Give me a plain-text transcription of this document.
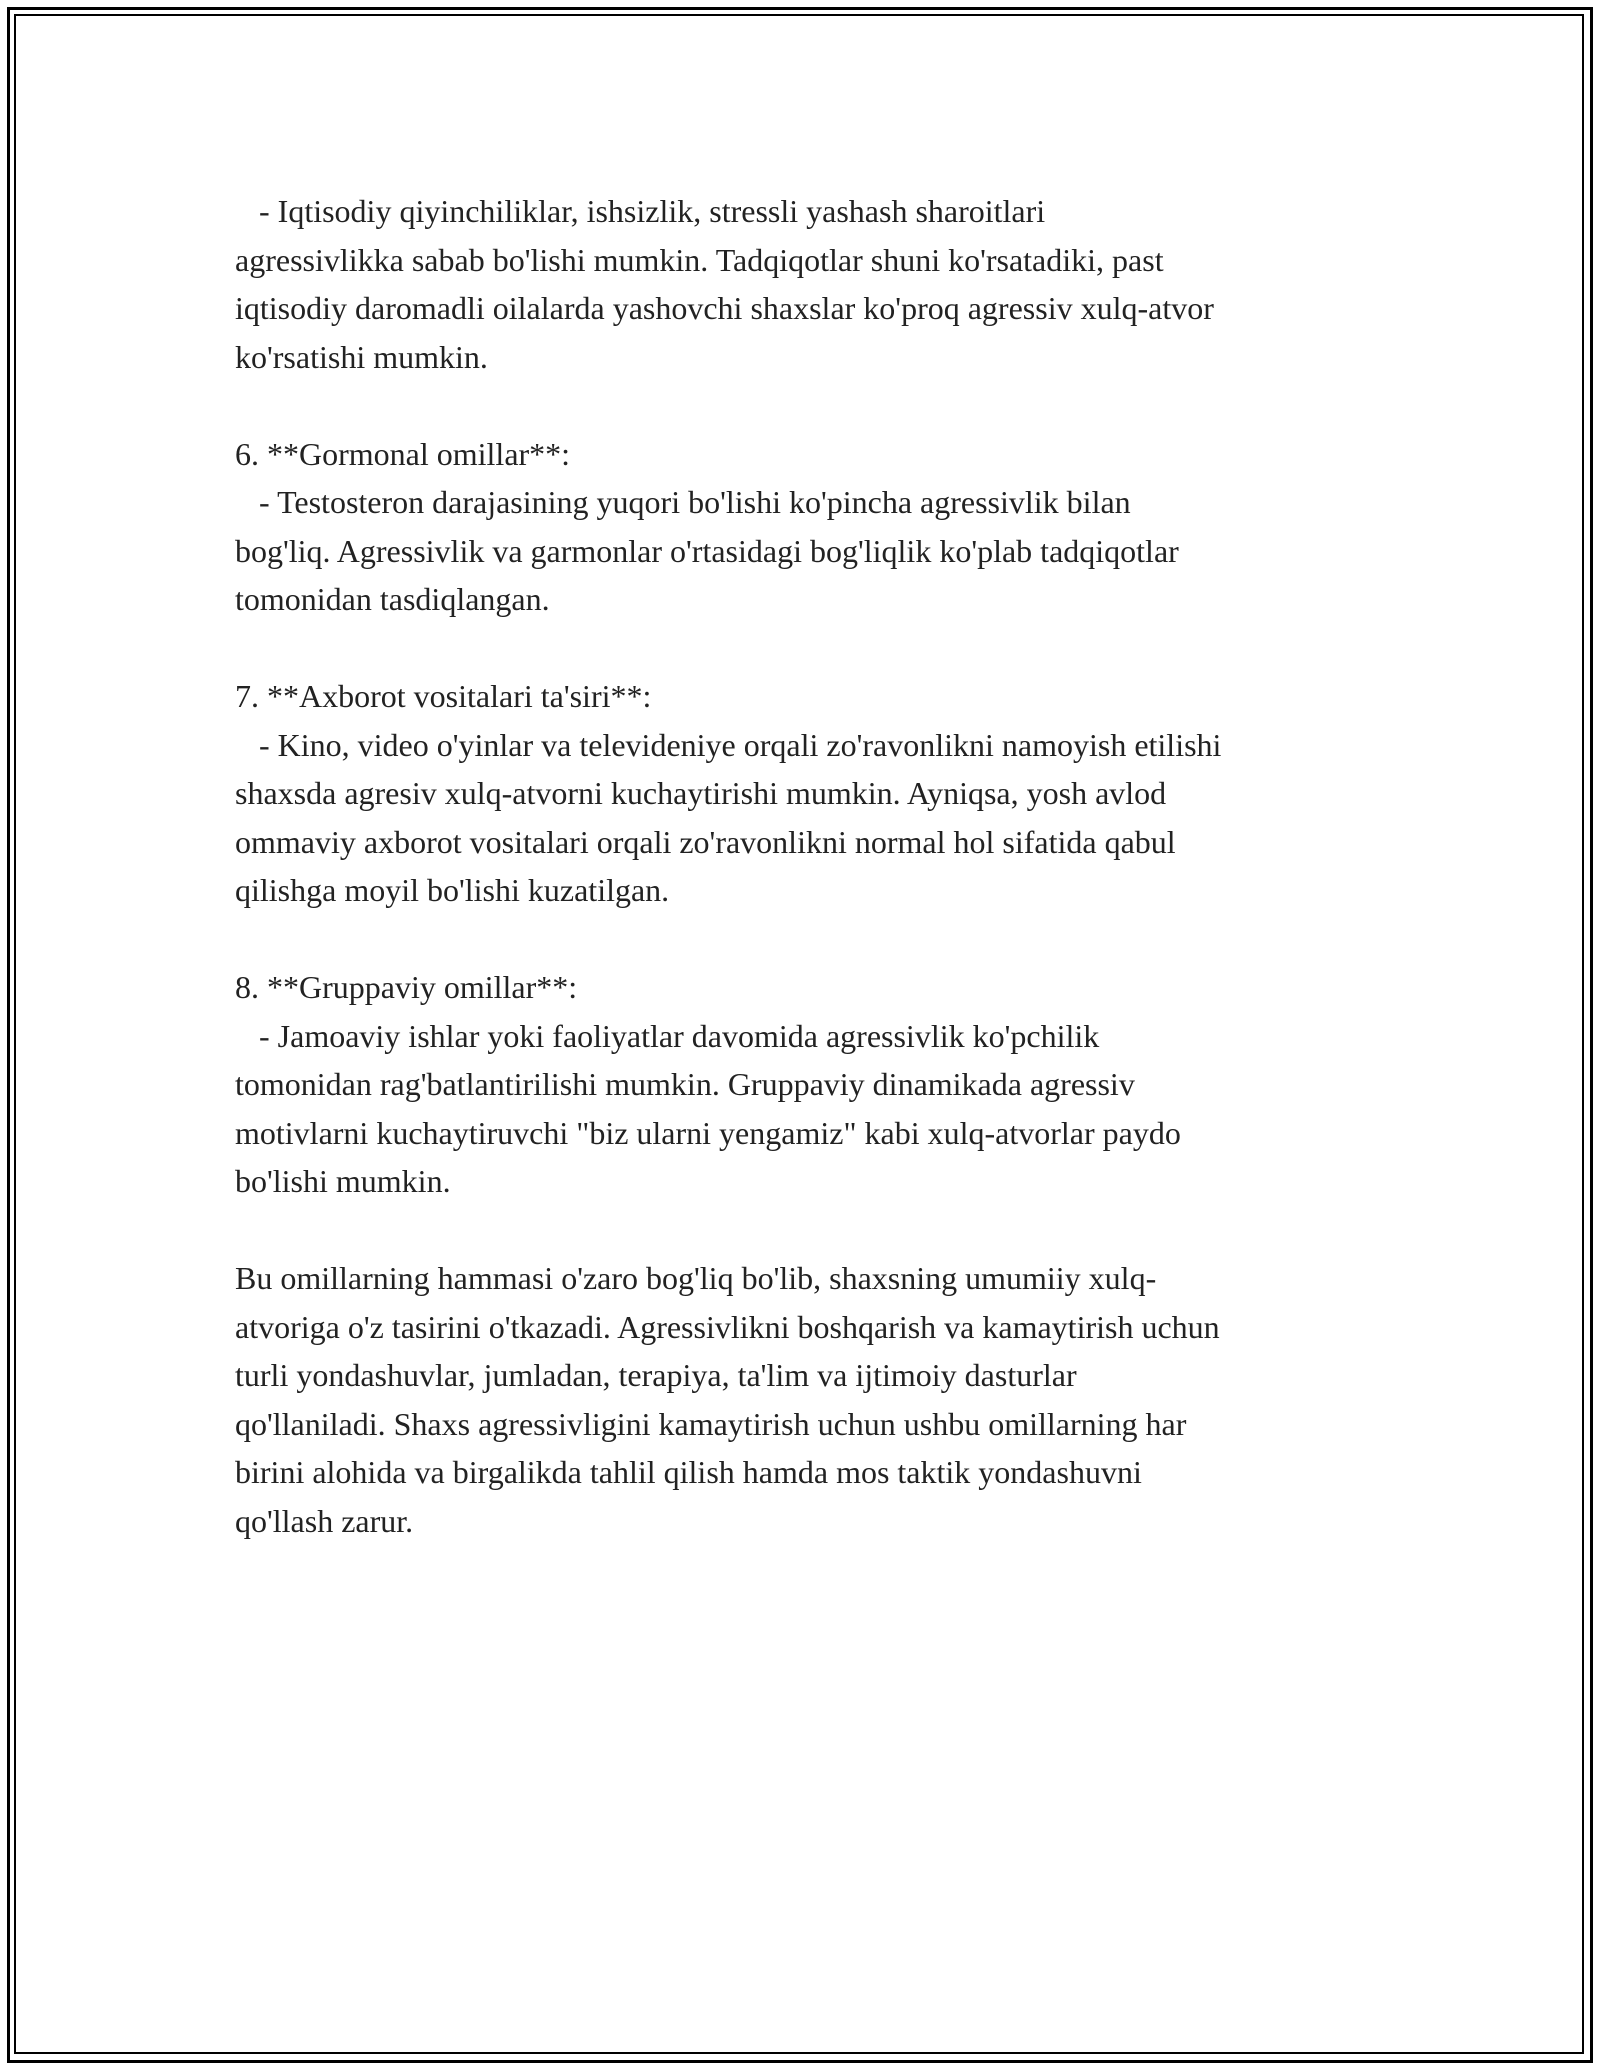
- Iqtisodiy qiyinchiliklar, ishsizlik, stressli yashash sharoitlari
agressivlikka sabab bo'lishi mumkin. Tadqiqotlar shuni ko'rsatadiki, past
iqtisodiy daromadli oilalarda yashovchi shaxslar ko'proq agressiv xulq-atvor
ko'rsatishi mumkin.
6. **Gormonal omillar**:
- Testosteron darajasining yuqori bo'lishi ko'pincha agressivlik bilan
bog'liq. Agressivlik va garmonlar o'rtasidagi bog'liqlik ko'plab tadqiqotlar
tomonidan tasdiqlangan.
7. **Axborot vositalari ta'siri**:
- Kino, video o'yinlar va televideniye orqali zo'ravonlikni namoyish etilishi
shaxsda agresiv xulq-atvorni kuchaytirishi mumkin. Ayniqsa, yosh avlod
ommaviy axborot vositalari orqali zo'ravonlikni normal hol sifatida qabul
qilishga moyil bo'lishi kuzatilgan.
8. **Gruppaviy omillar**:
- Jamoaviy ishlar yoki faoliyatlar davomida agressivlik ko'pchilik
tomonidan rag'batlantirilishi mumkin. Gruppaviy dinamikada agressiv
motivlarni kuchaytiruvchi "biz ularni yengamiz" kabi xulq-atvorlar paydo
bo'lishi mumkin.
Bu omillarning hammasi o'zaro bog'liq bo'lib, shaxsning umumiiy xulq-
atvoriga o'z tasirini o'tkazadi. Agressivlikni boshqarish va kamaytirish uchun
turli yondashuvlar, jumladan, terapiya, ta'lim va ijtimoiy dasturlar
qo'llaniladi. Shaxs agressivligini kamaytirish uchun ushbu omillarning har
birini alohida va birgalikda tahlil qilish hamda mos taktik yondashuvni
qo'llash zarur.
